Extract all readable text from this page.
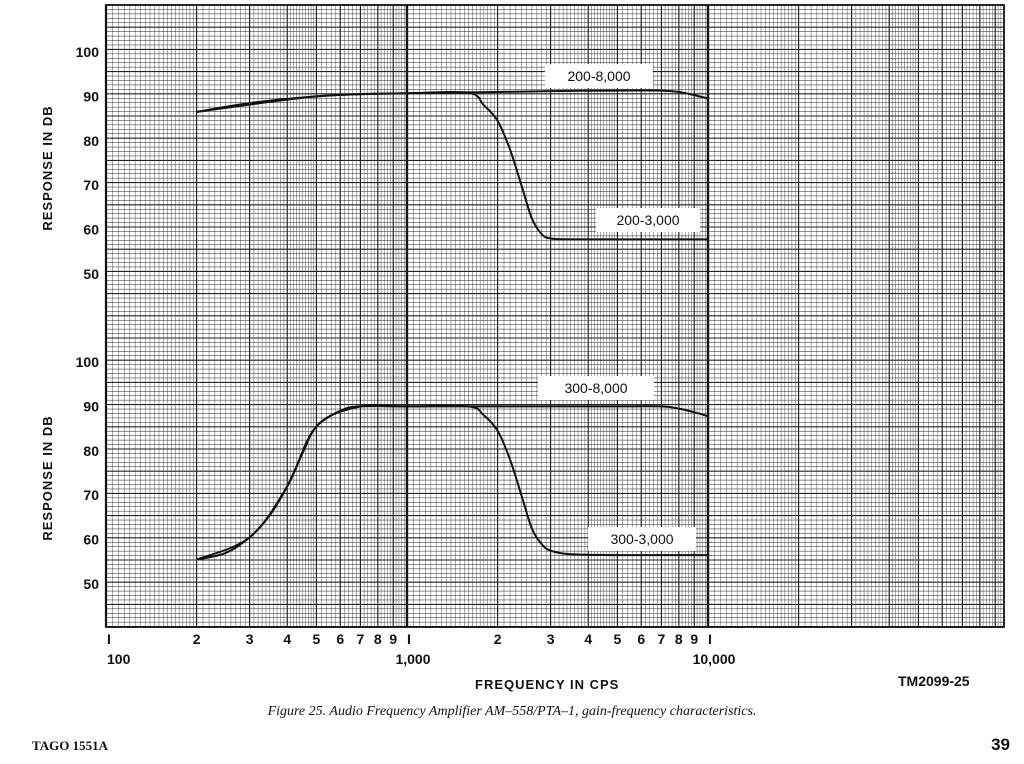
50
60
70
80
90
100
RESPONSE IN DB
50
60
70
80
90
100
RESPONSE IN DB
I	2	3 4 5 6 7 8 9 I	2	3 4 5 6 7 8 9 I
100	1,000	10,000
200-8,000
200-3,000
300-8,000
300-3,000
FREQUENCY IN CPS	TM2099-25
Figure 25. Audio Frequency Amplifier AM–558/PTA–1, gain-frequency characteristics.
TAGO 1551A	39
